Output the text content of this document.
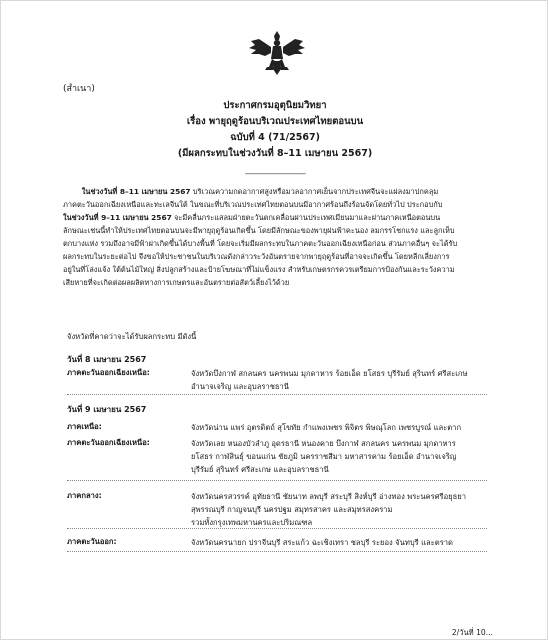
(สำเนา)
ประกาศกรมอุตุนิยมวิทยา
เรื่อง พายุฤดูร้อนบริเวณประเทศไทยตอนบน
ฉบับที่ 4 (71/2567)
(มีผลกระทบในช่วงวันที่ 8–11 เมษายน 2567)
--------------------------------
ในช่วงวันที่ 8–11 เมษายน 2567 บริเวณความกดอากาศสูงหรือมวลอากาศเย็นจากประเทศจีนจะแผ่ลงมาปกคลุม
ภาคตะวันออกเฉียงเหนือและทะเลจีนใต้ ในขณะที่บริเวณประเทศไทยตอนบนมีอากาศร้อนถึงร้อนจัดโดยทั่วไป ประกอบกับ
ในช่วงวันที่ 9–11 เมษายน 2567 จะมีคลื่นกระแสลมฝ่ายตะวันตกเคลื่อนผ่านประเทศเมียนมาและผ่านภาคเหนือตอนบน
ลักษณะเช่นนี้ทำให้ประเทศไทยตอนบนจะมีพายุฤดูร้อนเกิดขึ้น โดยมีลักษณะของพายุฝนฟ้าคะนอง ลมกรรโชกแรง และลูกเห็บ
ตกบางแห่ง รวมถึงอาจมีฟ้าผ่าเกิดขึ้นได้บางพื้นที่ โดยจะเริ่มมีผลกระทบในภาคตะวันออกเฉียงเหนือก่อน ส่วนภาคอื่นๆ จะได้รับ
ผลกระทบในระยะต่อไป จึงขอให้ประชาชนในบริเวณดังกล่าวระวังอันตรายจากพายุฤดูร้อนที่อาจจะเกิดขึ้น โดยหลีกเลี่ยงการ
อยู่ในที่โล่งแจ้ง ใต้ต้นไม้ใหญ่ สิ่งปลูกสร้างและป้ายโฆษณาที่ไม่แข็งแรง สำหรับเกษตรกรควรเตรียมการป้องกันและระวังความ
เสียหายที่จะเกิดต่อผลผลิตทางการเกษตรและอันตรายต่อสัตว์เลี้ยงไว้ด้วย
จังหวัดที่คาดว่าจะได้รับผลกระทบ มีดังนี้
วันที่ 8 เมษายน 2567
ภาคตะวันออกเฉียงเหนือ:	จังหวัดบึงกาฬ สกลนคร นครพนม มุกดาหาร ร้อยเอ็ด ยโสธร บุรีรัมย์ สุรินทร์ ศรีสะเกษ
อำนาจเจริญ และอุบลราชธานี
วันที่ 9 เมษายน 2567
ภาคเหนือ:	จังหวัดน่าน แพร่ อุตรดิตถ์ สุโขทัย กำแพงเพชร พิจิตร พิษณุโลก เพชรบูรณ์ และตาก
ภาคตะวันออกเฉียงเหนือ:	จังหวัดเลย หนองบัวลำภู อุดรธานี หนองคาย บึงกาฬ สกลนคร นครพนม มุกดาหาร
ยโสธร กาฬสินธุ์ ขอนแก่น ชัยภูมิ นครราชสีมา มหาสารคาม ร้อยเอ็ด อำนาจเจริญ
บุรีรัมย์ สุรินทร์ ศรีสะเกษ และอุบลราชธานี
ภาคกลาง:	จังหวัดนครสวรรค์ อุทัยธานี ชัยนาท ลพบุรี สระบุรี สิงห์บุรี อ่างทอง พระนครศรีอยุธยา
สุพรรณบุรี กาญจนบุรี นครปฐม สมุทรสาคร และสมุทรสงคราม
รวมทั้งกรุงเทพมหานครและปริมณฑล
ภาคตะวันออก:	จังหวัดนครนายก ปราจีนบุรี สระแก้ว ฉะเชิงเทรา ชลบุรี ระยอง จันทบุรี และตราด
2/วันที่ 10...
